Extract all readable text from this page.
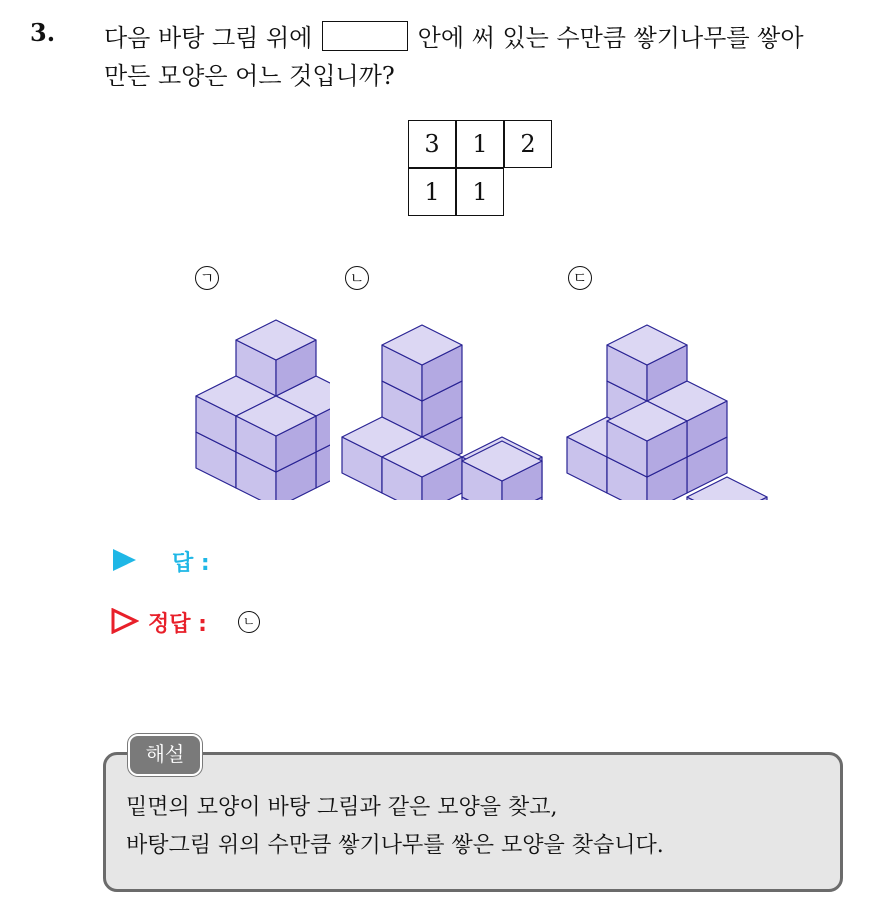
3. 다음 바탕 그림 위에	안에 써 있는 수만큼 쌓기나무를 쌓아
만든 모양은 어느 것입니까?
3	1	2
1	1
ㄱ	ㄴ	ㄷ
답 :
정답 :	ㄴ
해설
밑면의 모양이 바탕 그림과 같은 모양을 찾고,
바탕그림 위의 수만큼 쌓기나무를 쌓은 모양을 찾습니다.
